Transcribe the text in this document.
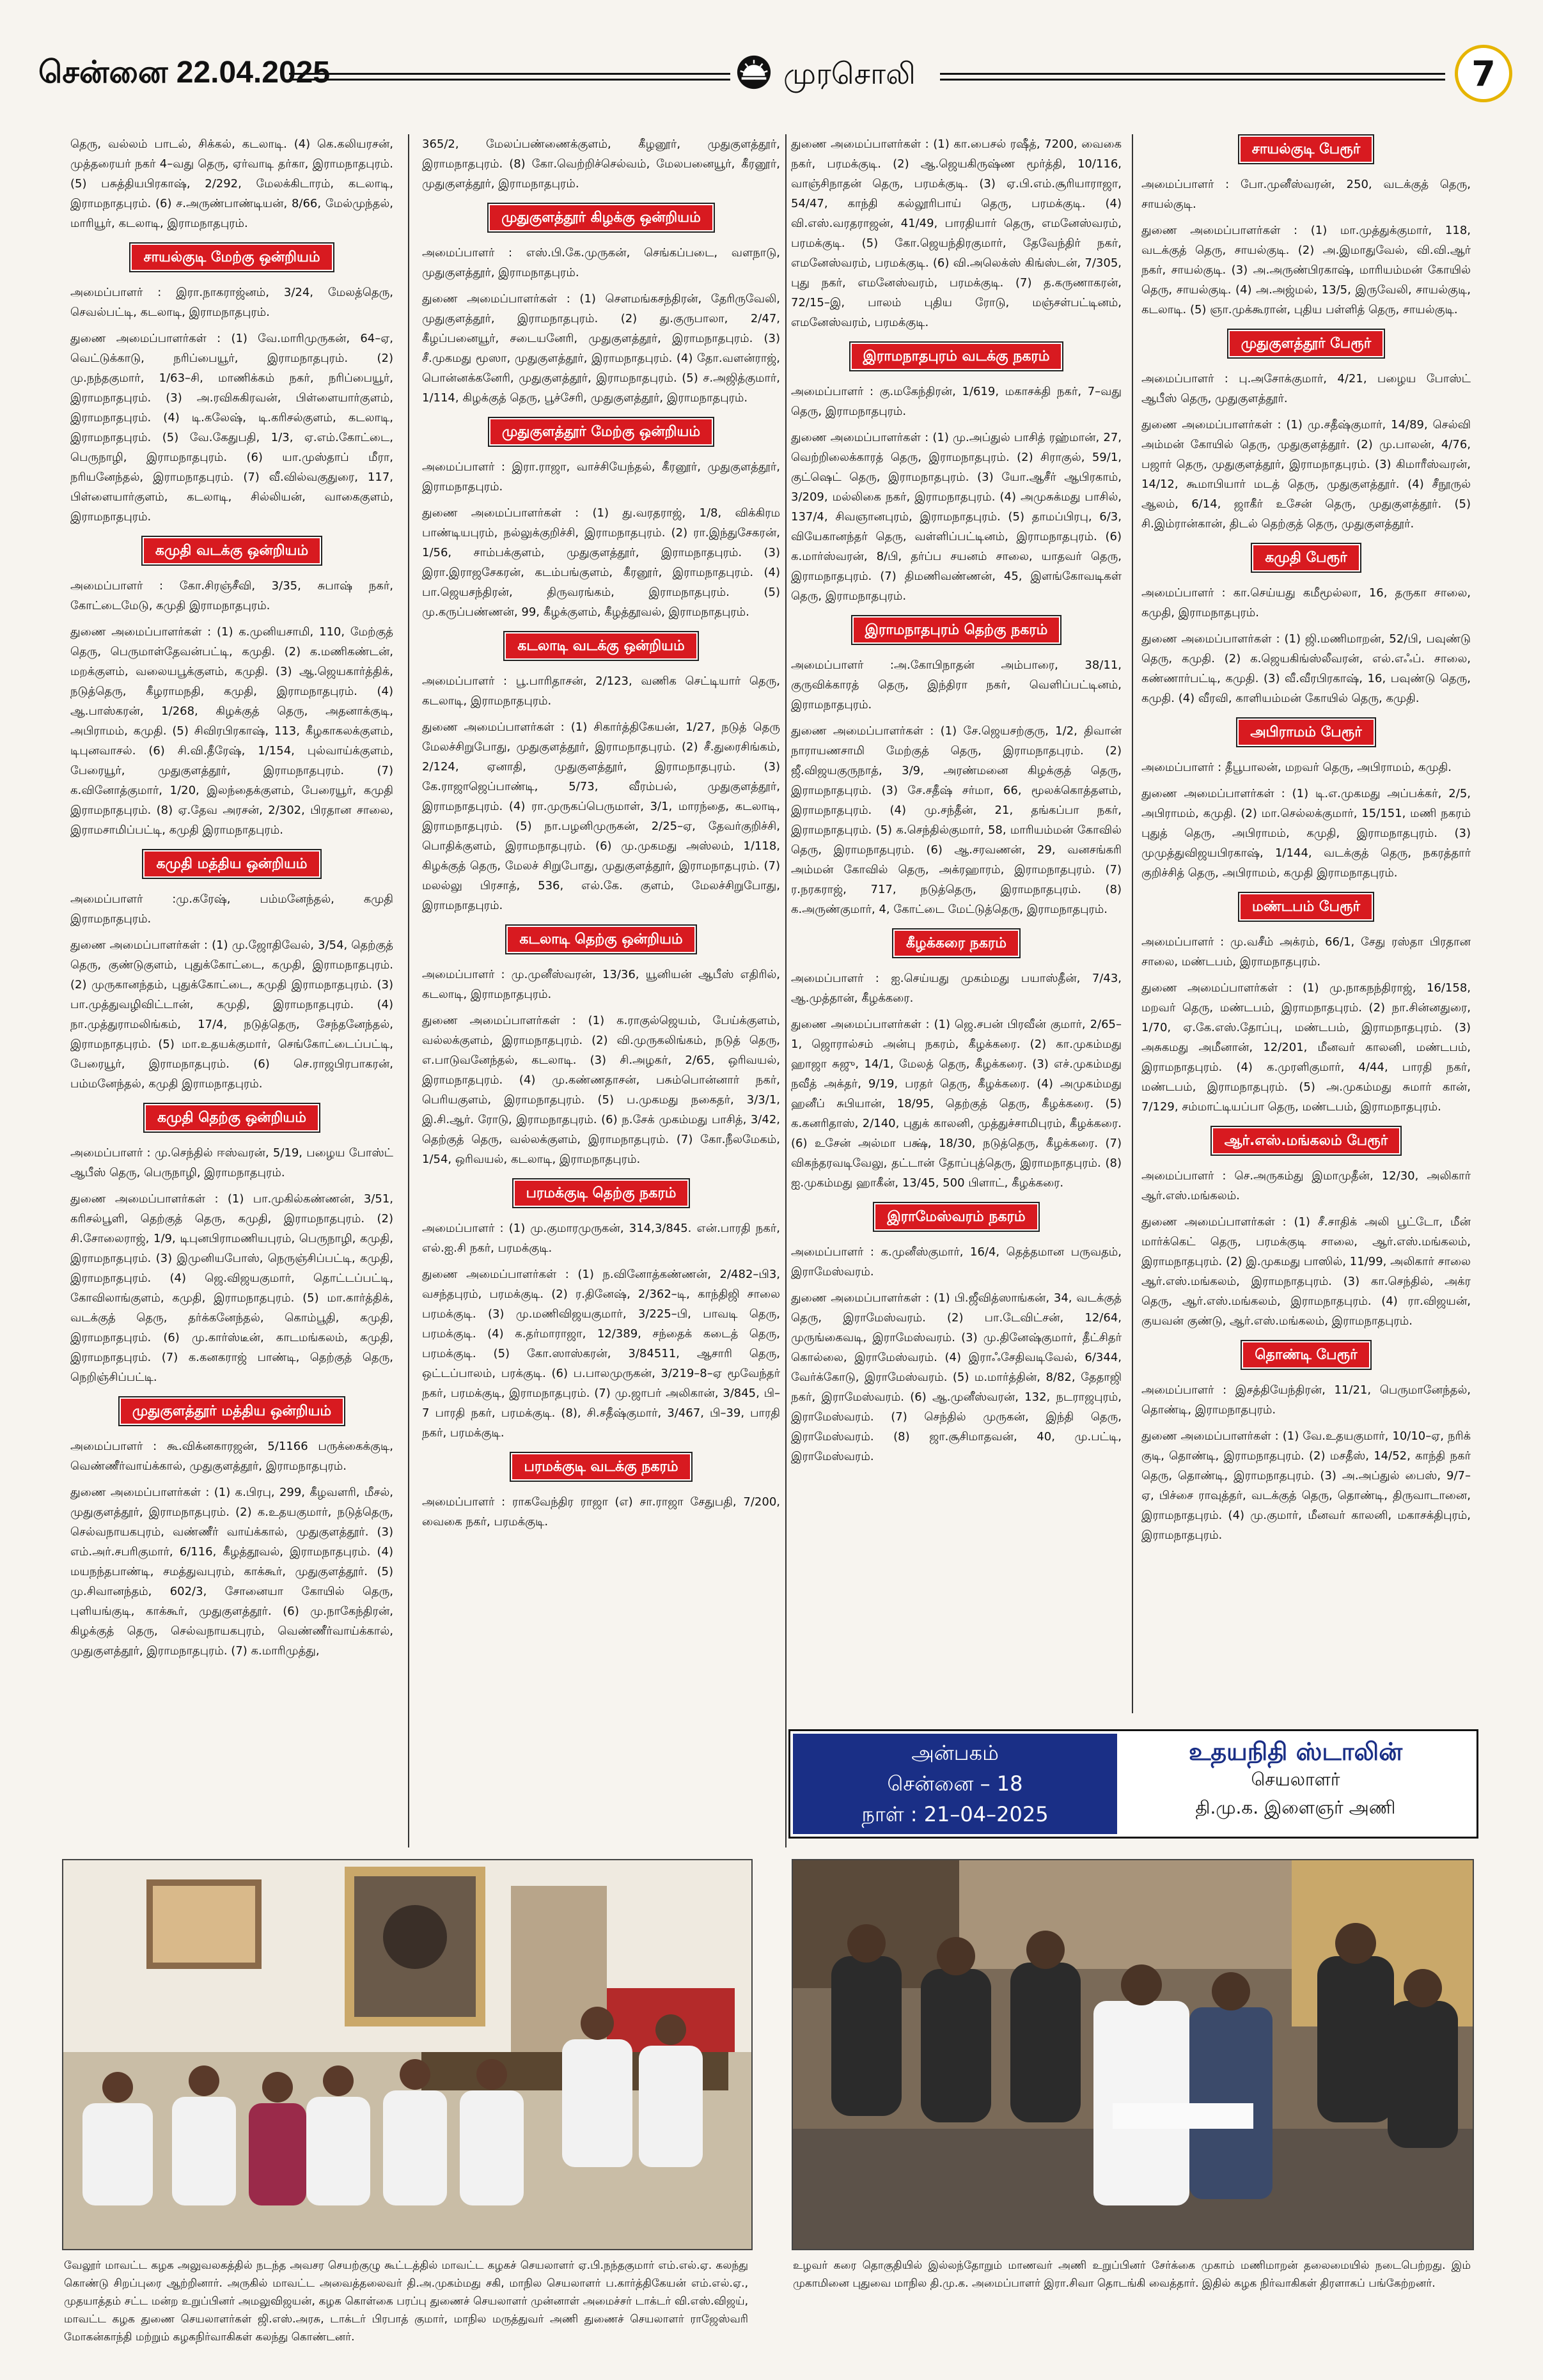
சென்னை 22.04.2025	முரசொலி	7

தெரு, வல்லம் பாடல், சிக்கல், கடலாடி. (4) கெ.கலியரசன், முத்தரையர் நகர் 4–வது தெரு, ஏர்வாடி தர்கா, இராமநாதபுரம். (5) பசுத்தியபிரகாஷ், 2/292, மேலக்கிடாரம், கடலாடி, இராமநாதபுரம். (6) ச.அருண்பாண்டியன், 8/66, மேல்முந்தல், மாரியூர், கடலாடி, இராமநாதபுரம்.

சாயல்குடி மேற்கு ஒன்றியம்

அமைப்பாளர் : இரா.நாகராஜ்னம், 3/24, மேலத்தெரு, செவல்பட்டி, கடலாடி, இராமநாதபுரம்.

துணை அமைப்பாளர்கள் : (1) வே.மாரிமுருகன், 64–ஏ, வெட்டுக்காடு, நரிப்பையூர், இராமநாதபுரம். (2) மு.நந்தகுமார், 1/63–சி, மாணிக்கம் நகர், நரிப்பையூர், இராமநாதபுரம். (3) அ.ரவிசுகிரவன், பிள்ளையார்குளம், இராமநாதபுரம். (4) டி.கலேஷ், டி.கரிசல்குளம், கடலாடி, இராமநாதபுரம். (5) வே.கேதுபதி, 1/3, ஏ.எம்.கோட்டை, பெருநாழி, இராமநாதபுரம். (6) யா.முஸ்தாப் மீரா, நரியனேந்தல், இராமநாதபுரம். (7) வீ.வில்வகுதுரை, 117, பிள்ளையார்குளம், கடலாடி, சில்லியன், வாகைகுளம், இராமநாதபுரம்.

கமுதி வடக்கு ஒன்றியம்

அமைப்பாளர் : கோ.சிரஞ்சீவி, 3/35, சுபாஷ் நகர், கோட்டைமேடு, கமுதி இராமநாதபுரம்.

துணை அமைப்பாளர்கள் : (1) க.முனியசாமி, 110, மேற்குத் தெரு, பெருமாள்தேவன்பட்டி, கமுதி. (2) க.மணிகண்டன், மறக்குளம், வலையபூக்குளம், கமுதி. (3) ஆ.ஜெயகார்த்திக், நடுத்தெரு, கீழராமநதி, கமுதி, இராமநாதபுரம். (4) ஆ.பாஸ்கரன், 1/268, கிழக்குத் தெரு, அதனாக்குடி, அபிராமம், கமுதி. (5) சிவிரபிரகாஷ், 113, கீழகாகலக்குளம், டிபுனவாசல். (6) சி.வி.தீரேஷ், 1/154, புல்வாய்க்குளம், பேரையூர், முதுகுளத்தூர், இராமநாதபுரம். (7) க.வினோத்குமார், 1/20, இலந்தைக்குளம், பேரையூர், கமுதி இராமநாதபுரம். (8) ஏ.தேவ அரசன், 2/302, பிரதான சாலை, இராமசாமிப்பட்டி, கமுதி இராமநாதபுரம்.

கமுதி மத்திய ஒன்றியம்

அமைப்பாளர் :மு.கரேஷ், பம்மனேந்தல், கமுதி இராமநாதபுரம்.

துணை அமைப்பாளர்கள் : (1) மு.ஜோதிவேல், 3/54, தெற்குத் தெரு, குண்டுகுளம், புதுக்கோட்டை, கமுதி, இராமநாதபுரம். (2) முருகானந்தம், புதுக்கோட்டை, கமுதி இராமநாதபுரம். (3) பா.முத்துவழிவிட்டான், கமுதி, இராமநாதபுரம். (4) நா.முத்துராமலிங்கம், 17/4, நடுத்தெரு, சேந்தனேந்தல், இராமநாதபுரம். (5) மா.உதயக்குமார், செங்கோட்டைப்பட்டி, பேரையூர், இராமநாதபுரம். (6) செ.ராஜபிரபாகரன், பம்மனேந்தல், கமுதி இராமநாதபுரம்.

கமுதி தெற்கு ஒன்றியம்

அமைப்பாளர் : மு.செந்தில் ஈஸ்வரன், 5/19, பழைய போஸ்ட் ஆபீஸ் தெரு, பெருநாழி, இராமநாதபுரம்.

துணை அமைப்பாளர்கள் : (1) பா.முகில்கண்ணன், 3/51, கரிசல்பூளி, தெற்குத் தெரு, கமுதி, இராமநாதபுரம். (2) சி.சோலைராஜ், 1/9, டிபுனபிராமணியபுரம், பெருநாழி, கமுதி, இராமநாதபுரம். (3) இமுனியபோஸ், நெருஞ்சிப்பட்டி, கமுதி, இராமநாதபுரம். (4) ஜெ.விஜயகுமார், தொட்டப்பட்டி, கோவிலாங்குளம், கமுதி, இராமநாதபுரம். (5) மா.கார்த்திக், வடக்குத் தெரு, தர்க்கனேந்தல், கொம்பூதி, கமுதி, இராமநாதபுரம். (6) மு.கார்ஸ்டீன், காடமங்கலம், கமுதி, இராமநாதபுரம். (7) க.கனகராஜ் பாண்டி, தெற்குத் தெரு, நெறிஞ்சிப்பட்டி.

முதுகுளத்தூர் மத்திய ஒன்றியம்

அமைப்பாளர் : கூ.விக்னகாரஜன், 5/1166 பருக்கைக்குடி, வெண்ணீர்வாய்க்கால், முதுகுளத்தூர், இராமநாதபுரம்.

துணை அமைப்பாளர்கள் : (1) க.பிரபு, 299, கீழவளரி, மீசல், முதுகுளத்தூர், இராமநாதபுரம். (2) க.உதயகுமார், நடுத்தெரு, செல்வநாயகபுரம், வண்ணீர் வாய்க்கால், முதுகுளத்தூர். (3) எம்.அர்.சபரிகுமார், 6/116, கீழத்தூவல், இராமநாதபுரம். (4) மயநந்தபாண்டி, சமத்துவபுரம், காக்கூர், முதுகுளத்தூர். (5) மு.சிவானந்தம், 602/3, சோனையா கோயில் தெரு, புளியங்குடி, காக்கூர், முதுகுளத்தூர். (6) மு.நாகேந்திரன், கிழக்குத் தெரு, செல்வநாயகபுரம், வெண்ணீர்வாய்க்கால், முதுகுளத்தூர், இராமநாதபுரம். (7) க.மாரிமுத்து,

365/2, மேலப்பண்ணைக்குளம், கீழனூர், முதுகுளத்தூர், இராமநாதபுரம். (8) கோ.வெற்றிச்செல்வம், மேலபனையூர், கீரனூர், முதுகுளத்தூர், இராமநாதபுரம்.

முதுகுளத்தூர் கிழக்கு ஒன்றியம்

அமைப்பாளர் : எஸ்.பி.கே.முருகன், செங்கப்படை, வளநாடு, முதுகுளத்தூர், இராமநாதபுரம்.

துணை அமைப்பாளர்கள் : (1) சௌமங்கசந்திரன், தேரிருவேலி, முதுகுளத்தூர், இராமநாதபுரம். (2) து.குருபாலா, 2/47, கீழப்பனையூர், சடையனேரி, முதுகுளத்தூர், இராமநாதபுரம். (3) சீ.முகமது மூஸா, முதுகுளத்தூர், இராமநாதபுரம். (4) தோ.வளன்ராஜ், பொன்னக்கனேரி, முதுகுளத்தூர், இராமநாதபுரம். (5) ச.அஜித்குமார், 1/114, கிழக்குத் தெரு, பூச்சேரி, முதுகுளத்தூர், இராமநாதபுரம்.

முதுகுளத்தூர் மேற்கு ஒன்றியம்

அமைப்பாளர் : இரா.ராஜா, வாச்சியேந்தல், கீரனூர், முதுகுளத்தூர், இராமநாதபுரம்.

துணை அமைப்பாளர்கள் : (1) து.வரதராஜ், 1/8, விக்கிரம பாண்டியபுரம், நல்லுக்குறிச்சி, இராமநாதபுரம். (2) ரா.இந்துசேகரன், 1/56, சாம்பக்குளம், முதுகுளத்தூர், இராமநாதபுரம். (3) இரா.இராஜசேகரன், கடம்பங்குளம், கீரனூர், இராமநாதபுரம். (4) பா.ஜெயசந்திரன், திருவரங்கம், இராமநாதபுரம். (5) மு.கருப்பண்ணன், 99, கீழக்குளம், கீழத்தூவல், இராமநாதபுரம்.

கடலாடி வடக்கு ஒன்றியம்

அமைப்பாளர் : பூ.பாரிதாசன், 2/123, வணிக செட்டியார் தெரு, கடலாடி, இராமநாதபுரம்.

துணை அமைப்பாளர்கள் : (1) சிகார்த்திகேயன், 1/27, நடுத் தெரு மேலச்சிறுபோது, முதுகுளத்தூர், இராமநாதபுரம். (2) சீ.துரைசிங்கம், 2/124, ஏனாதி, முதுகுளத்தூர், இராமநாதபுரம். (3) கே.ராஜாஜெப்பாண்டி, 5/73, வீரம்பல், முதுகுளத்தூர், இராமநாதபுரம். (4) ரா.முருகப்பெருமாள், 3/1, மாரந்தை, கடலாடி, இராமநாதபுரம். (5) நா.பழனிமுருகன், 2/25–ஏ, தேவர்குறிச்சி, பொதிக்குளம், இராமநாதபுரம். (6) மு.முகமது அஸ்லம், 1/118, கிழக்குத் தெரு, மேலச் சிறுபோது, முதுகுளத்தூர், இராமநாதபுரம். (7) மலல்லு பிரசாத், 536, எல்.கே. குளம், மேலச்சிறுபோது, இராமநாதபுரம்.

கடலாடி தெற்கு ஒன்றியம்

அமைப்பாளர் : மு.முனீஸ்வரன், 13/36, யூனியன் ஆபீஸ் எதிரில், கடலாடி, இராமநாதபுரம்.

துணை அமைப்பாளர்கள் : (1) க.ராகுல்ஜெயம், பேய்க்குளம், வல்லக்குளம், இராமநாதபுரம். (2) வி.முருகலிங்கம், நடுத் தெரு, எ.பாடுவனேந்தல், கடலாடி. (3) சி.அழகர், 2/65, ஒரிவயல், இராமநாதபுரம். (4) மு.கண்ணதாசன், பசும்பொன்னார் நகர், பெரியகுளம், இராமநாதபுரம். (5) ப.முகமது நகைதர், 3/3/1, இ.சி.ஆர். ரோடு, இராமநாதபுரம். (6) ந.சேக் முகம்மது பாசித், 3/42, தெற்குத் தெரு, வல்லக்குளம், இராமநாதபுரம். (7) கோ.நீலமேகம், 1/54, ஒரிவயல், கடலாடி, இராமநாதபுரம்.

பரமக்குடி தெற்கு நகரம்

அமைப்பாளர் : (1) மு.குமாரமுருகன், 314,3/845. என்.பாரதி நகர், எல்.ஐ.சி நகர், பரமக்குடி.

துணை அமைப்பாளர்கள் : (1) ந.வினோத்கண்ணன், 2/482–பி3, வசந்தபுரம், பரமக்குடி. (2) ர.தினேஷ், 2/362–டி, காந்திஜி சாலை பரமக்குடி. (3) மு.மணிவிஜயகுமார், 3/225–பி, பாவடி தெரு, பரமக்குடி. (4) க.தர்மாராஜா, 12/389, சந்தைக் கடைத் தெரு, பரமக்குடி. (5) கோ.ஸாஸ்கரன், 3/84511, ஆசாரி தெரு, ஒட்டப்பாலம், பரக்குடி. (6) ப.பாலமுருகன், 3/219–8–ஏ மூவேந்தர் நகர், பரமக்குடி, இராமநாதபுரம். (7) மு.ஜாபர் அலிகான், 3/845, பி–7 பாரதி நகர், பரமக்குடி. (8), சி.சதீஷ்குமார், 3/467, பி–39, பாரதி நகர், பரமக்குடி.

பரமக்குடி வடக்கு நகரம்

அமைப்பாளர் : ராகவேந்திர ராஜா (எ) சா.ராஜா சேதுபதி, 7/200, வைகை நகர், பரமக்குடி.

துணை அமைப்பாளர்கள் : (1) கா.பைசல் ரஷீத், 7200, வைகை நகர், பரமக்குடி. (2) ஆ.ஜெயகிருஷ்ண மூர்த்தி, 10/116, வாஞ்சிநாதன் தெரு, பரமக்குடி. (3) ஏ.பி.எம்.சூரியாராஜா, 54/47, காந்தி கல்லூரிபாய் தெரு, பரமக்குடி. (4) வி.எஸ்.வரதராஜன், 41/49, பாரதியார் தெரு, எமனேஸ்வரம், பரமக்குடி. (5) கோ.ஜெயந்திரகுமார், தேவேந்திர் நகர், எமனேஸ்வரம், பரமக்குடி. (6) வி.அலெக்ஸ் கிங்ஸ்டன், 7/305, புது நகர், எமனேஸ்வரம், பரமக்குடி. (7) த.கருணாகரன், 72/15–இ, பாலம் புதிய ரோடு, மஞ்சள்பட்டினம், எமனேஸ்வரம், பரமக்குடி.

இராமநாதபுரம் வடக்கு நகரம்

அமைப்பாளர் : கு.மகேந்திரன், 1/619, மகாசக்தி நகர், 7–வது தெரு, இராமநாதபுரம்.

துணை அமைப்பாளர்கள் : (1) மு.அப்துல் பாசித் ரஹ்மான், 27, வெற்றிலைக்காரத் தெரு, இராமநாதபுரம். (2) சிராகுல், 59/1, குட்ஷெட் தெரு, இராமநாதபுரம். (3) யோ.ஆசீர் ஆபிரகாம், 3/209, மல்லிகை நகர், இராமநாதபுரம். (4) அமுசுக்மது பாசில், 137/4, சிவஞானபுரம், இராமநாதபுரம். (5) தாமப்பிரபு, 6/3, வியேகானந்தர் தெரு, வள்ளிப்பட்டினம், இராமநாதபுரம். (6) க.மார்ஸ்வரன், 8/பி, தர்ப்ப சயனம் சாலை, யாதவர் தெரு, இராமநாதபுரம். (7) திமணிவண்ணன், 45, இளங்கோவடிகள் தெரு, இராமநாதபுரம்.

இராமநாதபுரம் தெற்கு நகரம்

அமைப்பாளர் :அ.கோபிநாதன் அம்பாரை, 38/11, குருவிக்காரத் தெரு, இந்திரா நகர், வெளிப்பட்டினம், இராமநாதபுரம்.

துணை அமைப்பாளர்கள் : (1) சே.ஜெயசற்குரு, 1/2, திவான் நாராயணசாமி மேற்குத் தெரு, இராமநாதபுரம். (2) ஜீ.விஜயகுருநாத், 3/9, அரண்மனை கிழக்குத் தெரு, இராமநாதபுரம். (3) சே.சதீஷ் சர்மா, 66, மூலக்கொத்தளம், இராமநாதபுரம். (4) மு.சந்தீன், 21, தங்கப்பா நகர், இராமநாதபுரம். (5) க.செந்தில்குமார், 58, மாரியம்மன் கோவில் தெரு, இராமநாதபுரம். (6) ஆ.சரவணன், 29, வனசங்கரி அம்மன் கோவில் தெரு, அக்ரஹாரம், இராமநாதபுரம். (7) ர.நரகராஜ், 717, நடுத்தெரு, இராமநாதபுரம். (8) க.அருண்குமார், 4, கோட்டை மேட்டுத்தெரு, இராமநாதபுரம்.

கீழக்கரை நகரம்

அமைப்பாளர் : ஐ.செய்யது முகம்மது பயாஸ்தீன், 7/43, ஆ.முத்தான், கீழக்கரை.

துணை அமைப்பாளர்கள் : (1) ஜெ.சபன் பிரவீன் குமார், 2/65–1, ஜொரால்சம் அன்பு நகரம், கீழக்கரை. (2) கா.முகம்மது ஹாஜா சுஜு, 14/1, மேலத் தெரு, கீழக்கரை. (3) எச்.முகம்மது நவீத் அக்தர், 9/19, பரதர் தெரு, கீழக்கரை. (4) அமுகம்மது ஹனீப் சுபியான், 18/95, தெற்குத் தெரு, கீழக்கரை. (5) க.கனரிதாஸ், 2/140, புதுக் காலனி, முத்துச்சாமிபுரம், கீழக்கரை. (6) உசேன் அல்மா பக்ஷ், 18/30, நடுத்தெரு, கீழக்கரை. (7) விகந்தரவடிவேலு, தட்டான் தோப்புத்தெரு, இராமநாதபுரம். (8) ஐ.முகம்மது ஹாகீன், 13/45, 500 பிளாட், கீழக்கரை.

இராமேஸ்வரம் நகரம்

அமைப்பாளர் : க.முனீஸ்குமார், 16/4, தெத்தமான பருவதம், இராமேஸ்வரம்.

துணை அமைப்பாளர்கள் : (1) பி.ஜீவித்ஸாங்கன், 34, வடக்குத் தெரு, இராமேஸ்வரம். (2) பா.டேவிட்சன், 12/64, முருங்கைவடி, இராமேஸ்வரம். (3) மு.தினேஷ்குமார், தீட்சிதர் கொல்லை, இராமேஸ்வரம். (4) இராஃசேதிவடிவேல், 6/344, வேர்க்கோடு, இராமேஸ்வரம். (5) ம.மார்த்தின், 8/82, தேதாஜி நகர், இராமேஸ்வரம். (6) ஆ.முனீஸ்வரன், 132, நடராஜபுரம், இராமேஸ்வரம். (7) செந்தில் முருகன், இந்தி தெரு, இராமேஸ்வரம். (8) ஜா.சூசிமாதவன், 40, மு.பட்டி, இராமேஸ்வரம்.

சாயல்குடி பேரூர்

அமைப்பாளர் : போ.முனீஸ்வரன், 250, வடக்குத் தெரு, சாயல்குடி.

துணை அமைப்பாளர்கள் : (1) மா.முத்துக்குமார், 118, வடக்குத் தெரு, சாயல்குடி. (2) அ.இமாதுவேல், வி.வி.ஆர் நகர், சாயல்குடி. (3) அ.அருண்பிரகாஷ், மாரியம்மன் கோயில் தெரு, சாயல்குடி. (4) அ.அஜ்மல், 13/5, இருவேலி, சாயல்குடி, கடலாடி. (5) ஞா.முக்கூரான், புதிய பள்ளித் தெரு, சாயல்குடி.

முதுகுளத்தூர் பேரூர்

அமைப்பாளர் : பு.அசோக்குமார், 4/21, பழைய போஸ்ட் ஆபீஸ் தெரு, முதுகுளத்தூர்.

துணை அமைப்பாளர்கள் : (1) மு.சதீஷ்குமார், 14/89, செல்வி அம்மன் கோயில் தெரு, முதுகுளத்தூர். (2) மு.பாலன், 4/76, பஜார் தெரு, முதுகுளத்தூர், இராமநாதபுரம். (3) கிமாரீஸ்வரன், 14/12, கூமாபியார் மடத் தெரு, முதுகுளத்தூர். (4) சீநூருல் ஆலம், 6/14, ஜாகீர் உசேன் தெரு, முதுகுளத்தூர். (5) சி.இம்ரான்கான், திடல் தெற்குத் தெரு, முதுகுளத்தூர்.

கமுதி பேரூர்

அமைப்பாளர் : கா.செய்யது கமீமூல்லா, 16, தருகா சாலை, கமுதி, இராமநாதபுரம்.

துணை அமைப்பாளர்கள் : (1) ஜி.மணிமாறன், 52/பி, பவுண்டு தெரு, கமுதி. (2) க.ஜெயகிங்ஸ்லீவரன், எல்.எஃப். சாலை, கண்ணார்பட்டி, கமுதி. (3) வீ.வீரபிரகாஷ், 16, பவுண்டு தெரு, கமுதி. (4) வீரவி, காளியம்மன் கோயில் தெரு, கமுதி.

அபிராமம் பேரூர்

அமைப்பாளர் : தீபூபாலன், மறவர் தெரு, அபிராமம், கமுதி.

துணை அமைப்பாளர்கள் : (1) டி.எ.முகமது அப்பக்கர், 2/5, அபிராமம், கமுதி. (2) மா.செல்லக்குமார், 15/151, மணி நகரம் புதுத் தெரு, அபிராமம், கமுதி, இராமநாதபுரம். (3) முமுத்துவிஜயபிரகாஷ், 1/144, வடக்குத் தெரு, நகரத்தார் குறிச்சித் தெரு, அபிராமம், கமுதி இராமநாதபுரம்.

மண்டபம் பேரூர்

அமைப்பாளர் : மு.வசீம் அக்ரம், 66/1, சேது ரஸ்தா பிரதான சாலை, மண்டபம், இராமநாதபுரம்.

துணை அமைப்பாளர்கள் : (1) மு.நாகநந்திராஜ், 16/158, மறவர் தெரு, மண்டபம், இராமநாதபுரம். (2) நா.சின்னதுரை, 1/70, ஏ.கே.எஸ்.தோப்பு, மண்டபம், இராமநாதபுரம். (3) அசுகமது அமீனான், 12/201, மீனவர் காலனி, மண்டபம், இராமநாதபுரம். (4) க.முரளிகுமார், 4/44, பாரதி நகர், மண்டபம், இராமநாதபுரம். (5) அ.முகம்மது சுமார் கான், 7/129, சம்மாட்டியப்பா தெரு, மண்டபம், இராமநாதபுரம்.

ஆர்.எஸ்.மங்கலம் பேரூர்

அமைப்பாளர் : செ.அருகம்து இமாமுதீன், 12/30, அலிகார் ஆர்.எஸ்.மங்கலம்.

துணை அமைப்பாளர்கள் : (1) சீ.சாதிக் அலி பூட்டோ, மீன் மார்க்கெட் தெரு, பரமக்குடி சாலை, ஆர்.எஸ்.மங்கலம், இராமநாதபுரம். (2) இ.முகமது பாஸில், 11/99, அலிகார் சாலை ஆர்.எஸ்.மங்கலம், இராமநாதபுரம். (3) கா.செந்தில், அக்ர தெரு, ஆர்.எஸ்.மங்கலம், இராமநாதபுரம். (4) ரா.விஜயன், குயவன் குண்டு, ஆர்.எஸ்.மங்கலம், இராமநாதபுரம்.

தொண்டி பேரூர்

அமைப்பாளர் : இசத்தியேந்திரன், 11/21, பெருமானேந்தல், தொண்டி, இராமநாதபுரம்.

துணை அமைப்பாளர்கள் : (1) வே.உதயகுமார், 10/10–ஏ, நரிக் குடி, தொண்டி, இராமநாதபுரம். (2) மசதீஸ், 14/52, காந்தி நகர் தெரு, தொண்டி, இராமநாதபுரம். (3) அ.அப்துல் பைஸ், 9/7–ஏ, பிச்சை ராவுத்தர், வடக்குத் தெரு, தொண்டி, திருவாடானை, இராமநாதபுரம். (4) மு.குமார், மீனவர் காலனி, மகாசக்திபுரம், இராமநாதபுரம்.

அன்பகம்
சென்னை – 18
நாள் : 21–04–2025
உதயநிதி ஸ்டாலின்
செயலாளர்
தி.மு.க. இளைஞர் அணி
வேலூர் மாவட்ட கழக அலுவலகத்தில் நடந்த அவசர செயற்குழு கூட்டத்தில் மாவட்ட கழகச் செயலாளர் ஏ.பி.நந்தகுமார் எம்.எல்.ஏ. கலந்து கொண்டு சிறப்புரை ஆற்றினார். அருகில் மாவட்ட அவைத்தலைவர் தி.அ.முகம்மது சகி, மாநில செயலாளர் ப.கார்த்திகேயன் எம்.எல்.ஏ., முதயாத்தம் சட்ட மன்ற உறுப்பினர் அமலுவிஜயன், கழக கொள்கை பரப்பு துணைச் செயலாளர் முன்னாள் அமைச்சர் டாக்டர் வி.எஸ்.விஜய், மாவட்ட கழக துணை செயலாளர்கள் ஜி.எஸ்.அரசு, டாக்டர் பிரபாத் குமார், மாநில மருத்துவர் அணி துணைச் செயலாளர் ராஜேஸ்வரி மோகன்காந்தி மற்றும் கழகநிர்வாகிகள் கலந்து கொண்டனர்.
உழவர் கரை தொகுதியில் இல்லந்தோறும் மாணவர் அணி உறுப்பினர் சேர்க்கை முகாம் மணிமாறன் தலைமையில் நடைபெற்றது. இம் முகாமினை புதுவை மாநில தி.மு.க. அமைப்பாளர் இரா.சிவா தொடங்கி வைத்தார். இதில் கழக நிர்வாகிகள் திரளாகப் பங்கேற்றனர்.
